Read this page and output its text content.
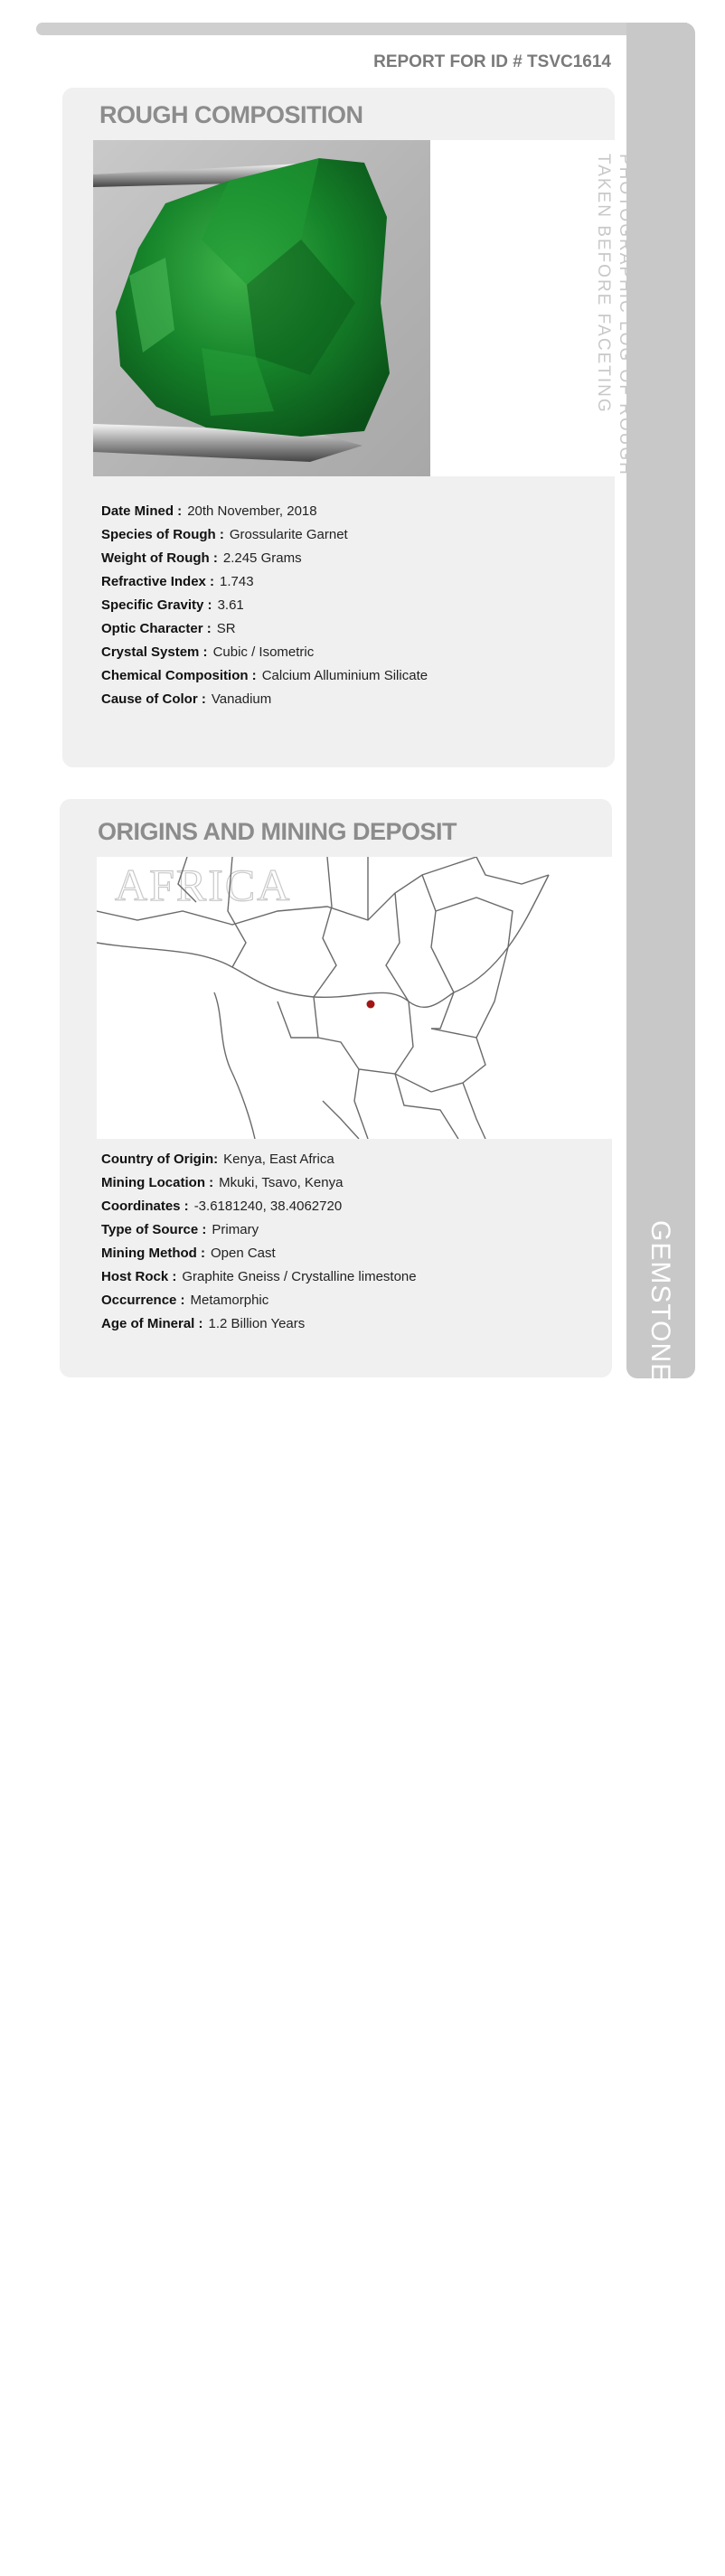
GEMSTONE MINING & GEOLOGY REPORT
REPORT FOR ID # TSVC1614
ROUGH COMPOSITION
PHOTOGRAPHIC LOG OF ROUGH
TAKEN BEFORE FACETING
Date Mined : 20th November, 2018
Species of Rough : Grossularite Garnet
Weight of Rough : 2.245 Grams
Refractive Index : 1.743
Specific Gravity : 3.61
Optic Character : SR
Crystal System : Cubic / Isometric
Chemical Composition : Calcium Alluminium Silicate
Cause of Color : Vanadium
ORIGINS AND MINING DEPOSIT
AFRICA
Country of Origin: Kenya, East Africa
Mining Location : Mkuki, Tsavo, Kenya
Coordinates : -3.6181240, 38.4062720
Type of Source : Primary
Mining Method : Open Cast
Host Rock : Graphite Gneiss / Crystalline limestone
Occurrence : Metamorphic
Age of Mineral : 1.2 Billion Years
